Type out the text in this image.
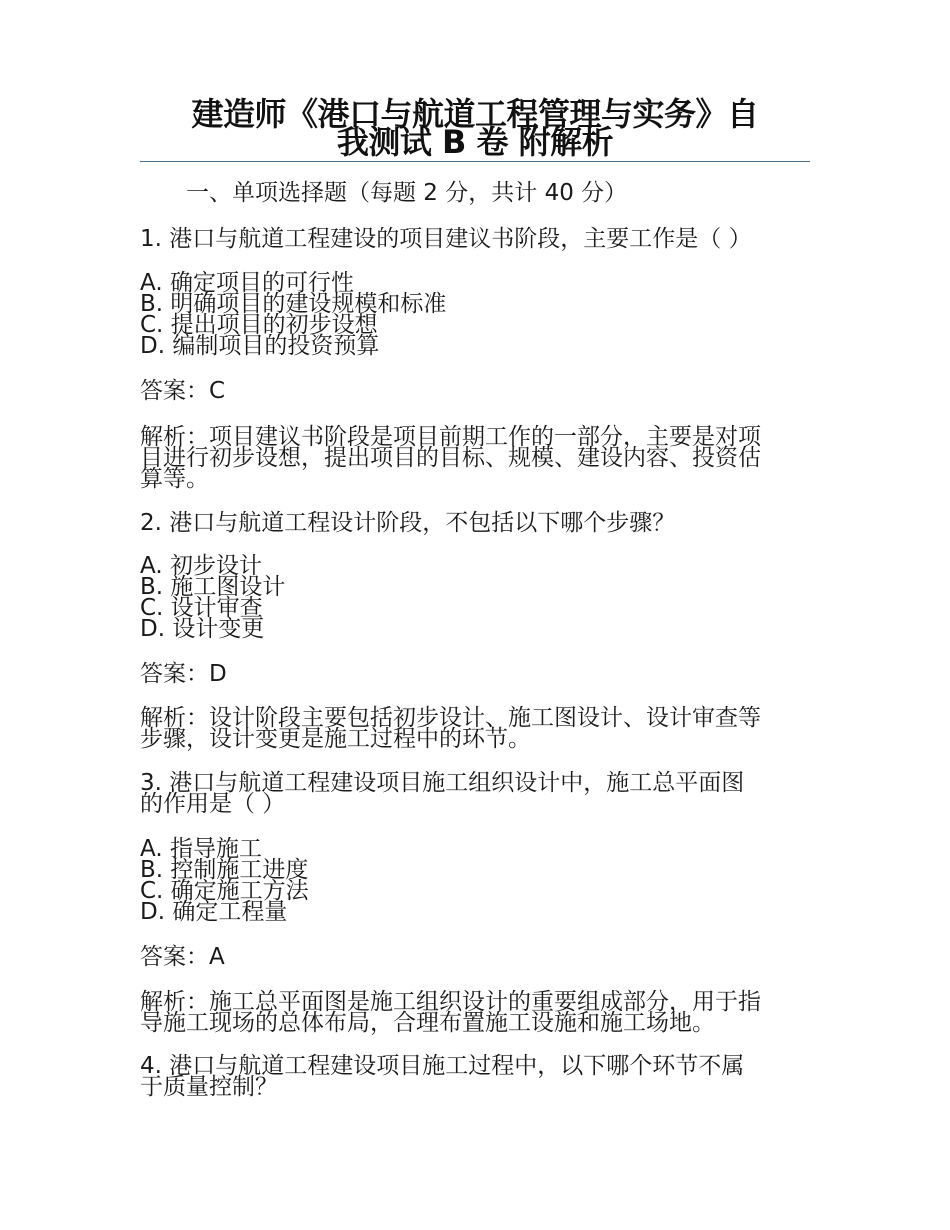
建造师《港口与航道工程管理与实务》自
我测试 B 卷 附解析
一、单项选择题（每题 2 分，共计 40 分）
1. 港口与航道工程建设的项目建议书阶段，主要工作是（ ）
A. 确定项目的可行性
B. 明确项目的建设规模和标准
C. 提出项目的初步设想
D. 编制项目的投资预算
答案：C
解析：项目建议书阶段是项目前期工作的一部分，主要是对项
目进行初步设想，提出项目的目标、规模、建设内容、投资估
算等。
2. 港口与航道工程设计阶段，不包括以下哪个步骤？
A. 初步设计
B. 施工图设计
C. 设计审查
D. 设计变更
答案：D
解析：设计阶段主要包括初步设计、施工图设计、设计审查等
步骤，设计变更是施工过程中的环节。
3. 港口与航道工程建设项目施工组织设计中，施工总平面图
的作用是（ ）
A. 指导施工
B. 控制施工进度
C. 确定施工方法
D. 确定工程量
答案：A
解析：施工总平面图是施工组织设计的重要组成部分，用于指
导施工现场的总体布局，合理布置施工设施和施工场地。
4. 港口与航道工程建设项目施工过程中，以下哪个环节不属
于质量控制？
